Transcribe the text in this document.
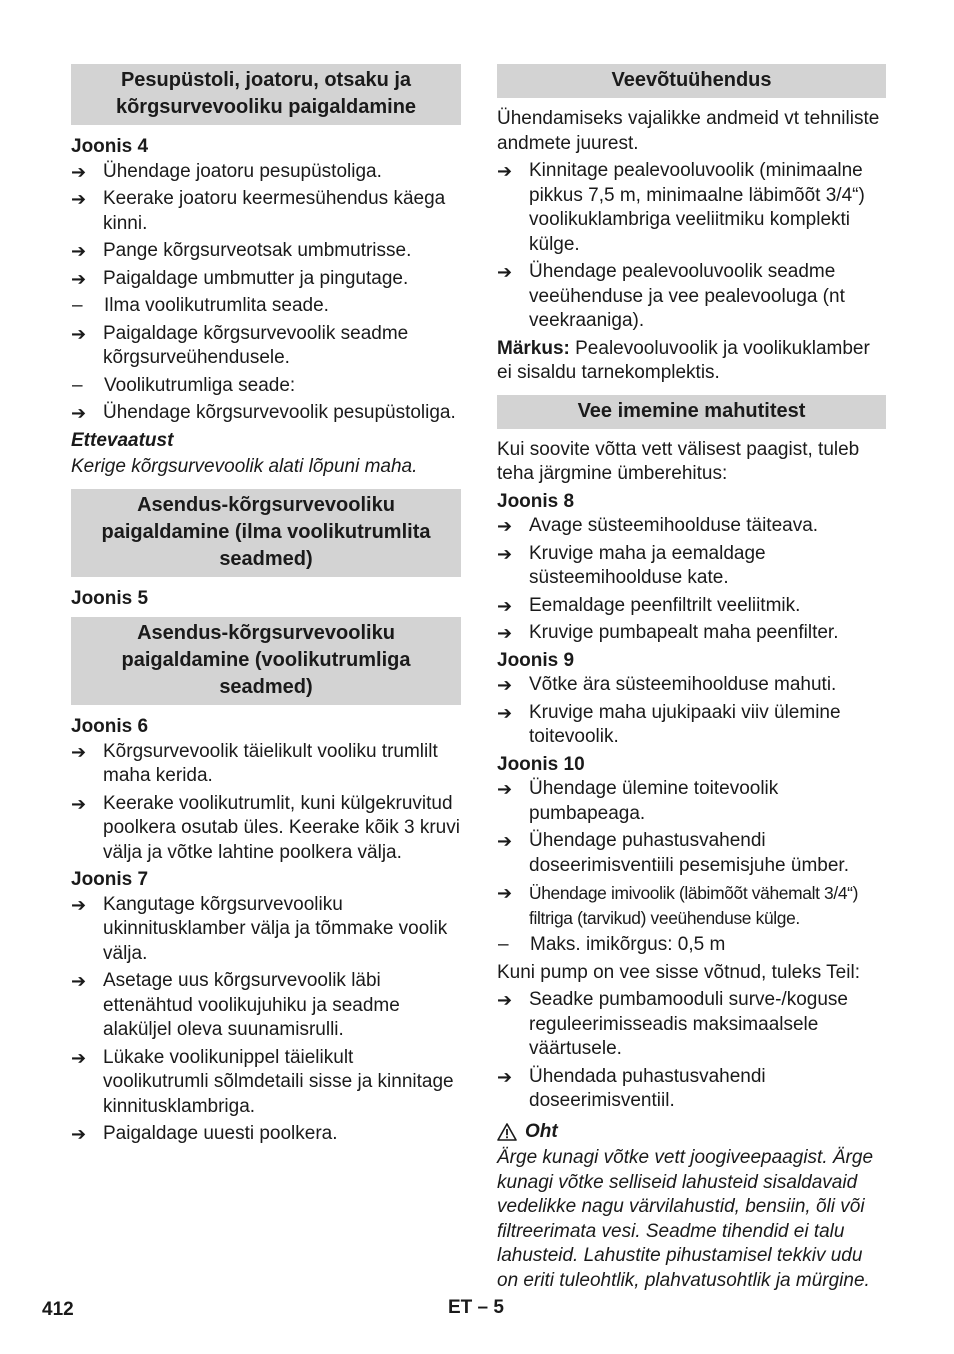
Pesupüstoli, joatoru, otsaku ja kõrgsurvevooliku paigaldamine
Joonis 4
➔ Ühendage joatoru pesupüstoliga.
➔ Keerake joatoru keermesühendus käega kinni.
➔ Pange kõrgsurveotsak umbmutrisse.
➔ Paigaldage umbmutter ja pingutage.
–	Ilma voolikutrumlita seade.
➔ Paigaldage kõrgsurvevoolik seadme kõrgsurveühendusele.
–	Voolikutrumliga seade:
➔ Ühendage kõrgsurvevoolik pesupüstoliga.
Ettevaatust
Kerige kõrgsurvevoolik alati lõpuni maha.
Asendus-kõrgsurvevooliku paigaldamine (ilma voolikutrumlita seadmed)
Joonis 5
Asendus-kõrgsurvevooliku paigaldamine (voolikutrumliga seadmed)
Joonis 6
➔ Kõrgsurvevoolik täielikult vooliku trumlilt maha kerida.
➔ Keerake voolikutrumlit, kuni külgekruvitud poolkera osutab üles. Keerake kõik 3 kruvi välja ja võtke lahtine poolkera välja.
Joonis 7
➔ Kangutage kõrgsurvevooliku ukinnitusklamber välja ja tõmmake voolik välja.
➔ Asetage uus kõrgsurvevoolik läbi ettenähtud voolikujuhiku ja seadme alaküljel oleva suunamisrulli.
➔ Lükake voolikunippel täielikult voolikutrumli sõlmdetaili sisse ja kinnitage kinnitusklambriga.
➔ Paigaldage uuesti poolkera.
Veevõtuühendus
Ühendamiseks vajalikke andmeid vt tehniliste andmete juurest.
➔ Kinnitage pealevooluvoolik (minimaalne pikkus 7,5 m, minimaalne läbimõõt 3/4“) voolikuklambriga veeliitmiku komplekti külge.
➔ Ühendage pealevooluvoolik seadme veeühenduse ja vee pealevooluga (nt veekraaniga).
Märkus: Pealevooluvoolik ja voolikuklamber ei sisaldu tarnekomplektis.
Vee imemine mahutitest
Kui soovite võtta vett välisest paagist, tuleb teha järgmine ümberehitus:
Joonis 8
➔ Avage süsteemihoolduse täiteava.
➔ Kruvige maha ja eemaldage süsteemihoolduse kate.
➔ Eemaldage peenfiltrilt veeliitmik.
➔ Kruvige pumbapealt maha peenfilter.
Joonis 9
➔ Võtke ära süsteemihoolduse mahuti.
➔ Kruvige maha ujukipaaki viiv ülemine toitevoolik.
Joonis 10
➔ Ühendage ülemine toitevoolik pumbapeaga.
➔ Ühendage puhastusvahendi doseerimisventiili pesemisjuhe ümber.
➔ Ühendage imivoolik (läbimõõt vähemalt 3/4“) filtriga (tarvikud) veeühenduse külge.
–	Maks. imikõrgus: 0,5 m
Kuni pump on vee sisse võtnud, tuleks Teil:
➔ Seadke pumbamooduli surve-/koguse reguleerimisseadis maksimaalsele väärtusele.
➔ Ühendada puhastusvahendi doseerimisventiil.
Oht
Ärge kunagi võtke vett joogiveepaagist. Ärge kunagi võtke selliseid lahusteid sisaldavaid vedelikke nagu värvilahustid, bensiin, õli või filtreerimata vesi. Seadme tihendid ei talu lahusteid. Lahustite pihustamisel tekkiv udu on eriti tuleohtlik, plahvatusohtlik ja mürgine.
412	ET – 5
